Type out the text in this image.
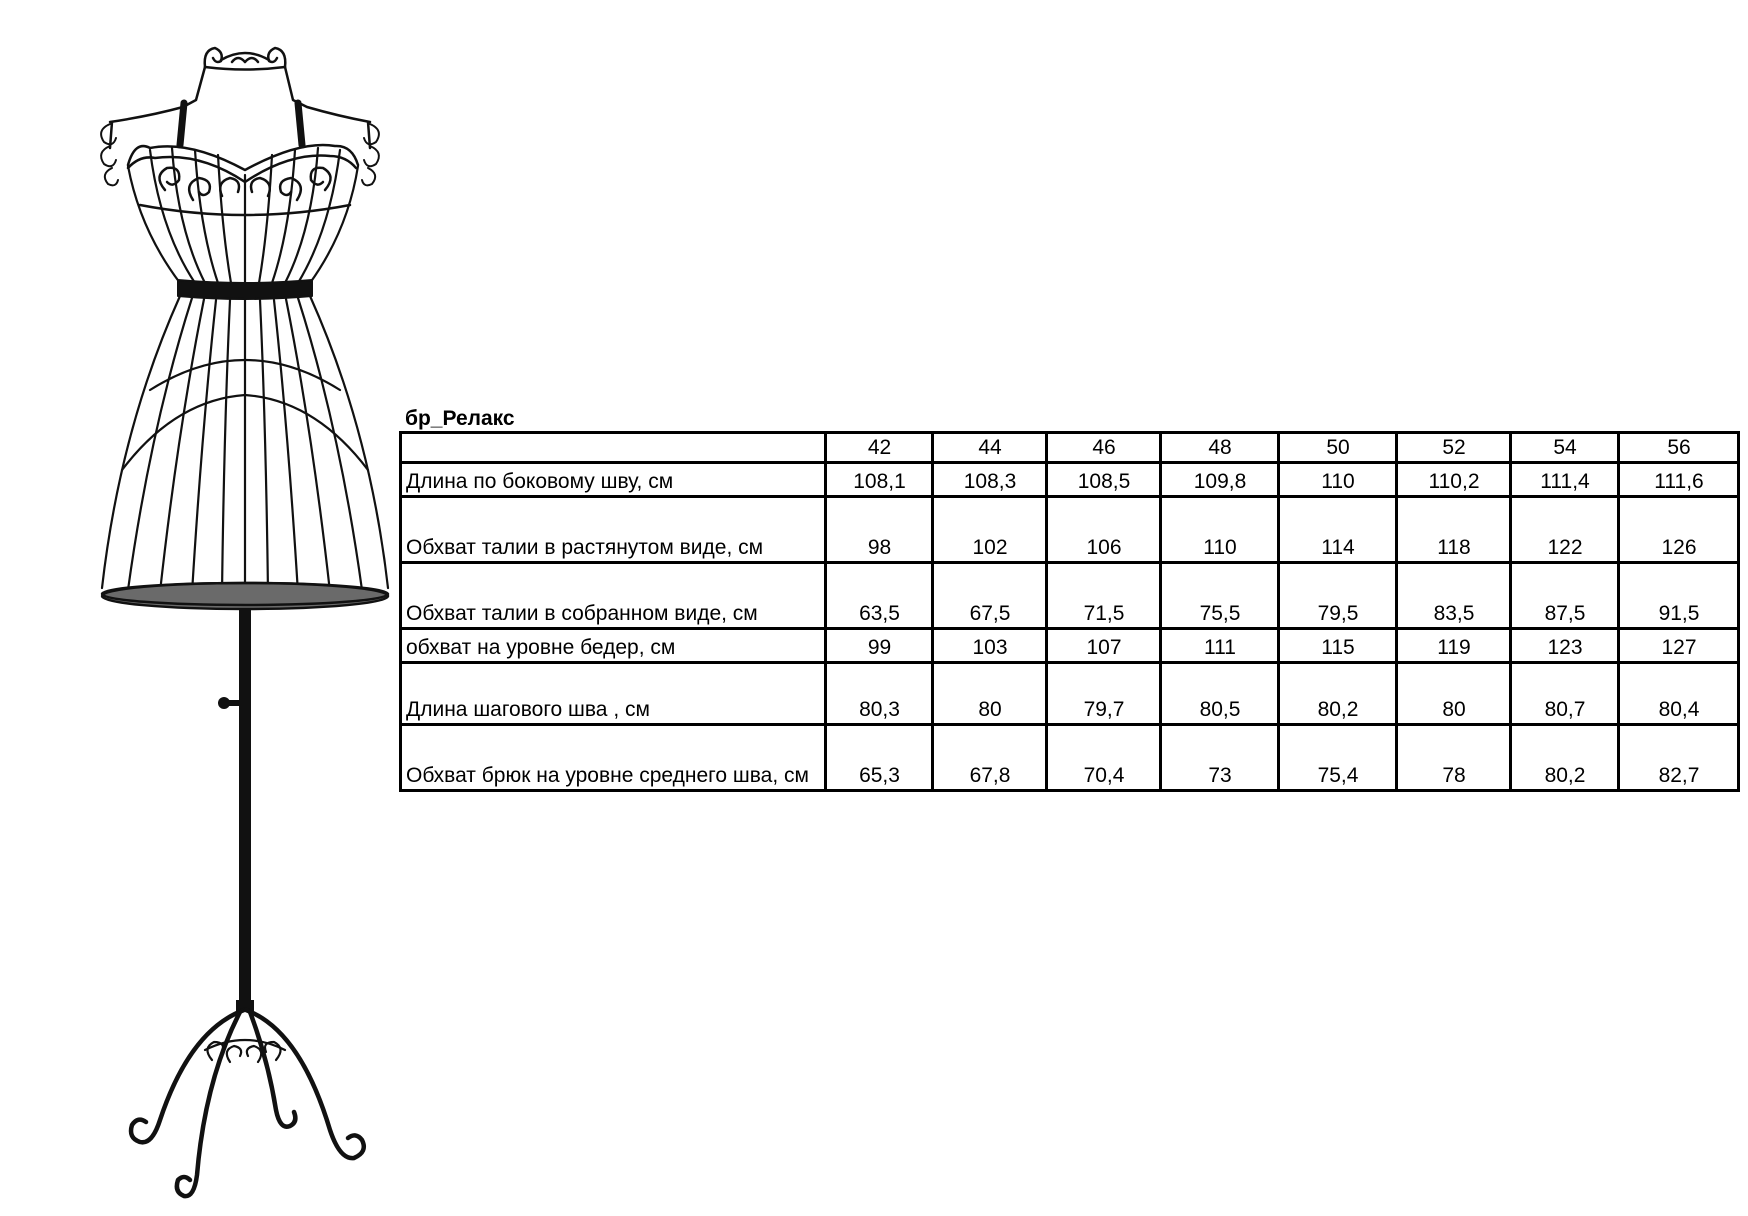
бр_Релакс
	42	44	46	48	50	52	54	56
Длина по боковому шву, см	108,1	108,3	108,5	109,8	110	110,2	111,4	111,6
Обхват талии в растянутом виде, см	98	102	106	110	114	118	122	126
Обхват талии в собранном виде, см	63,5	67,5	71,5	75,5	79,5	83,5	87,5	91,5
обхват на уровне бедер, см	99	103	107	111	115	119	123	127
Длина шагового шва , см	80,3	80	79,7	80,5	80,2	80	80,7	80,4
Обхват брюк на уровне среднего шва, см	65,3	67,8	70,4	73	75,4	78	80,2	82,7
